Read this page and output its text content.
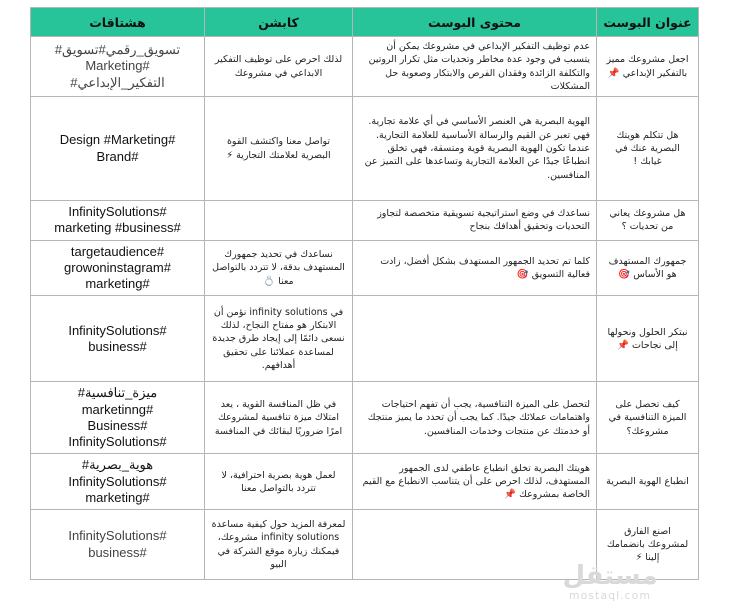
عنوان البوست	محتوى البوست	كابشن	هشتاقات
اجعل مشروعك مميز بالتفكير الإبداعي 📌	عدم توظيف التفكير الإبداعي في مشروعك يمكن أن يتسبب في وجود عدة مخاطر وتحديات مثل تكرار الروتين والتكلفة الزائدة وفقدان الفرص والابتكار وصعوبة حل المشكلات	لذلك احرص على توظيف التفكير الابداعي في مشروعك	تسويق_رقمي#تسويق#
#Marketing
التفكير_الإبداعي#
هل تتكلم هويتك البصرية عنك في غيابك !	الهوية البصرية هي العنصر الأساسي في أي علامة تجارية. فهي تعبر عن القيم والرسالة الأساسية للعلامة التجارية. عندما تكون الهوية البصرية قوية ومتسقة، فهي تخلق انطباعًا جيدًا عن العلامة التجارية وتساعدها على التميز عن المنافسين.	تواصل معنا واكتشف القوة البصرية لعلامتك التجارية ⚡	#Design #Marketing
#Brand
هل مشروعك يعاني من تحديات ؟	نساعدك في وضع استراتيجية تسويقية متخصصة لتجاوز التحديات وتحقيق أهدافك بنجاح		#InfinitySolutions
#marketing #business
جمهورك المستهدف هو الأساس 🎯	كلما تم تحديد الجمهور المستهدف بشكل أفضل، زادت فعالية التسويق 🎯	نساعدك في تحديد جمهورك المستهدف بدقة، لا تتردد بالتواصل معنا 💍	#targetaudience
#growoninstagram
#marketing
نبتكر الحلول ونحولها إلى نجاحات 📌		في infinity solutions نؤمن أن الابتكار هو مفتاح النجاح، لذلك نسعى دائمًا إلى إيجاد طرق جديدة لمساعدة عملائنا على تحقيق أهدافهم.	#InfinitySolutions
#business
كيف تحصل على الميزة التنافسية في مشروعك؟	لتحصل على الميزة التنافسية، يجب أن تفهم احتياجات واهتمامات عملائك جيدًا. كما يجب أن تحدد ما يميز منتجك أو خدمتك عن منتجات وخدمات المنافسين.	في ظل المنافسة القوية ، يعد امتلاك ميزة تنافسية لمشروعك امرًا ضروريًا لبقائك في المنافسة	ميزة_تنافسية#
#marketinng
#Business
#InfinitySolutions
انطباع الهوية البصرية	هويتك البصرية تخلق انطباع عاطفي لدى الجمهور المستهدف، لذلك احرص على أن يتناسب الانطباع مع القيم الخاصة بمشروعك 📌	لعمل هوية بصرية احترافية، لا تتردد بالتواصل معنا	هوية_بصرية#
#InfinitySolutions
#marketing
اصنع الفارق لمشروعك بانضمامك إلينا ⚡		لمعرفة المزيد حول كيفية مساعدة infinity solutions مشروعك، فيمكنك زيارة موقع الشركة في البيو	#InfinitySolutions
#business
مستقل
mostaql.com
